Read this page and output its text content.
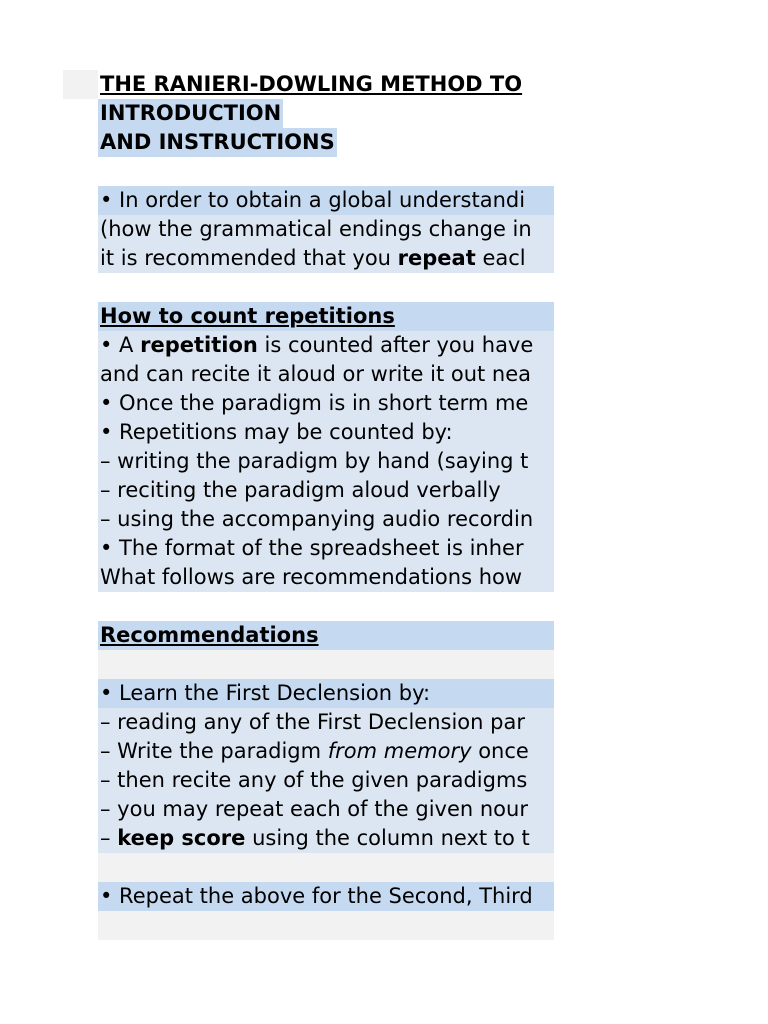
THE RANIERI-DOWLING METHOD TO
INTRODUCTION
AND INSTRUCTIONS
• In order to obtain a global understandi
(how the grammatical endings change in
it is recommended that you repeat eacl
How to count repetitions
• A repetition is counted after you have
and can recite it aloud or write it out nea
• Once the paradigm is in short term me
• Repetitions may be counted by:
– writing the paradigm by hand (saying t
– reciting the paradigm aloud verbally
– using the accompanying audio recordin
• The format of the spreadsheet is inher
What follows are recommendations how
Recommendations
• Learn the First Declension by:
– reading any of the First Declension par
– Write the paradigm from memory once
– then recite any of the given paradigms
– you may repeat each of the given nour
– keep score using the column next to t
• Repeat the above for the Second, Third
